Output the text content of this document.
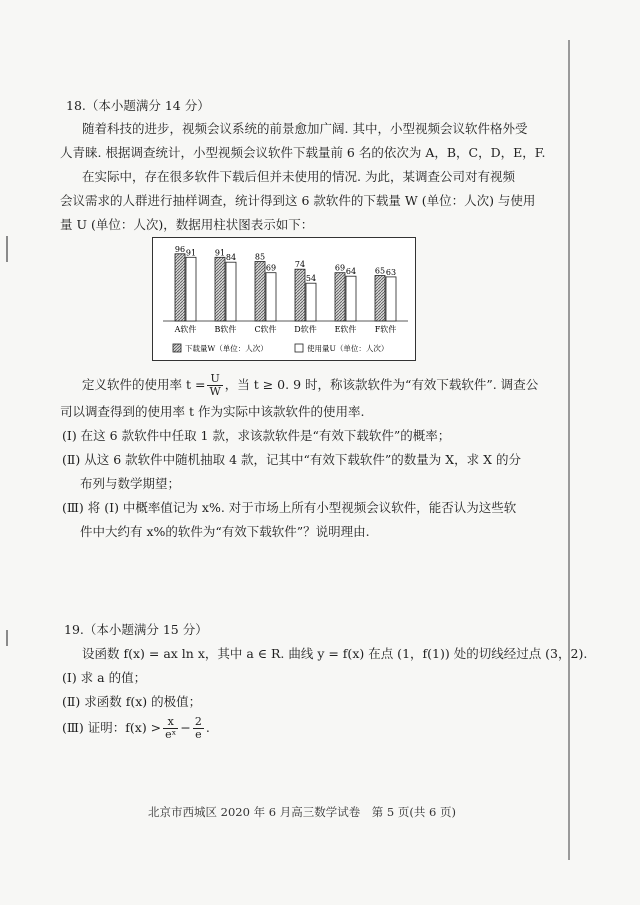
18.（本小题满分 14 分）
随着科技的进步，视频会议系统的前景愈加广阔. 其中，小型视频会议软件格外受
人青睐. 根据调查统计，小型视频会议软件下载量前 6 名的依次为 A，B，C，D，E，F.
在实际中，存在很多软件下载后但并未使用的情况. 为此，某调查公司对有视频
会议需求的人群进行抽样调查，统计得到这 6 款软件的下载量 W (单位：人次) 与使用
量 U (单位：人次)，数据用柱状图表示如下：
96 91
A软件
91
84
B软件
85
69
C软件
74
54
D软件
69 64
E软件
65 63
F软件
下载量W（单位：人次）	使用量U（单位：人次）
定义软件的使用率 $t = \frac{U}{W}$ ，当 t ≥ 0. 9 时，称该款软件为“有效下载软件”. 调查公
司以调查得到的使用率 t 作为实际中该款软件的使用率.
(Ⅰ) 在这 6 款软件中任取 1 款，求该款软件是“有效下载软件”的概率；
(Ⅱ) 从这 6 款软件中随机抽取 4 款，记其中“有效下载软件”的数量为 X，求 X 的分
布列与数学期望；
(Ⅲ) 将 (Ⅰ) 中概率值记为 x%. 对于市场上所有小型视频会议软件，能否认为这些软
件中大约有 x%的软件为“有效下载软件”？说明理由.
19.（本小题满分 15 分）
设函数 f(x) = ax ln x，其中 a ∈ R. 曲线 y = f(x) 在点 (1，f(1)) 处的切线经过点 (3，2).
(Ⅰ) 求 a 的值；
(Ⅱ) 求函数 f(x) 的极值；
(Ⅲ) 证明：$f(x) > \frac{x}{\text{eˣ}} - \frac{2}{e}$ .
北京市西城区 2020 年 6 月高三数学试卷　第 5 页(共 6 页)
